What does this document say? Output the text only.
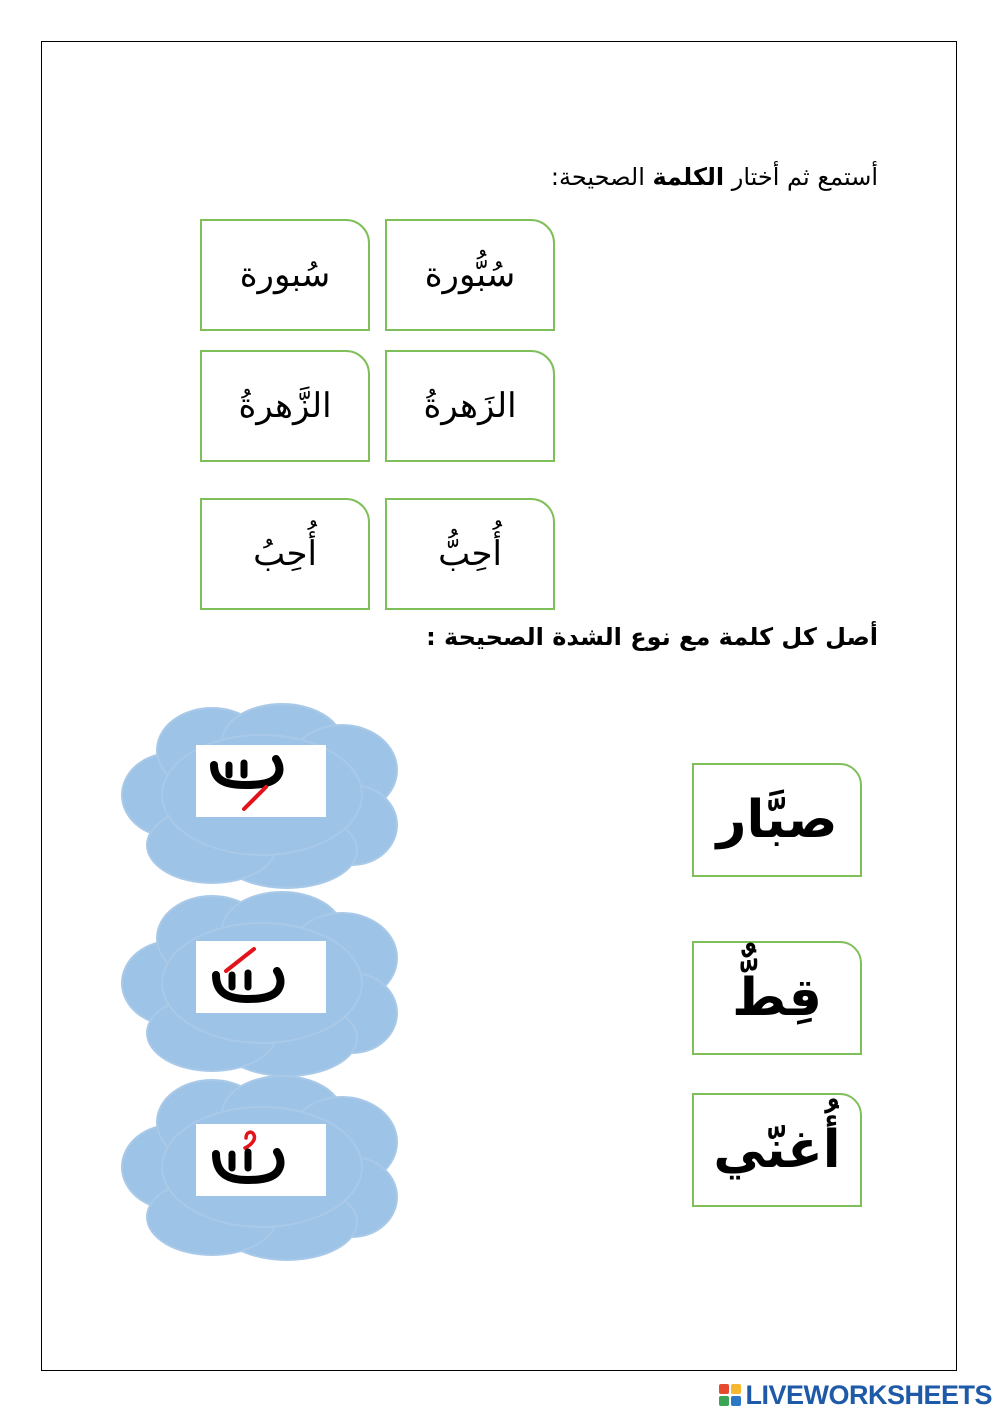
أستمع ثم أختار الكلمة الصحيحة:
سُبُّورة
سُبورة
الزَهرةُ
الزَّهرةُ
أُحِبُّ
أُحِبُ
أصل كل كلمة مع نوع الشدة الصحيحة :
صبَّار
قِطٌّ
أُغنّي
LIVEWORKSHEETS
